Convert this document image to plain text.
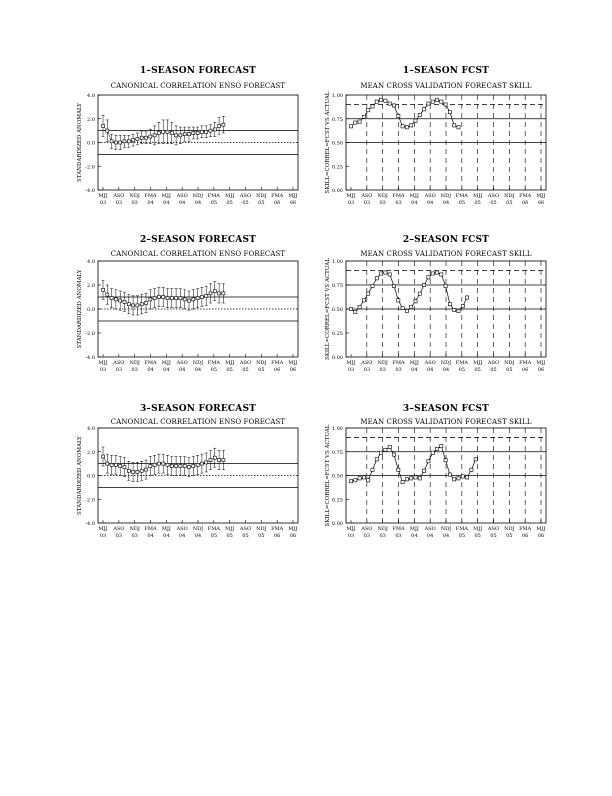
1–SEASON FORECAST
CANONICAL CORRELATION ENSO FORECAST
STANDARDIZED ANOMALY
4.0
2.0
0.0
-2.0
-4.0
MJJ
03
ASO
03
NDJ
03
FMA
04
MJJ
04
ASO
04
NDJ
04
FMA
05
MJJ
05
ASO
05
NDJ
05
FMA
06
MJJ
06
1–SEASON FCST
MEAN CROSS VALIDATION FORECAST SKILL
SKILL=CORREL=FCST VS ACTUAL 1.00
0.75
0.50
0.25
0.00
MJJ
03
ASO
03
NDJ
03
FMA
03
MJJ
04
ASO
04
NDJ
04
FMA
05
MJJ
05
ASO
05
NDJ
05
FMA
06
MJJ
06
2–SEASON FORECAST
CANONICAL CORRELATION ENSO FORECAST
STANDARDIZED ANOMALY
4.0
2.0
0.0
-2.0
-4.0
MJJ
03
ASO
03
NDJ
03
FMA
04
MJJ
04
ASO
04
NDJ
04
FMA
05
MJJ
05
ASO
05
NDJ
05
FMA
06
MJJ
06
2–SEASON FCST
MEAN CROSS VALIDATION FORECAST SKILL
SKILL=CORREL=FCST VS ACTUAL 1.00
0.75
0.50
0.25
0.00
MJJ
03
ASO
03
NDJ
03
FMA
03
MJJ
04
ASO
04
NDJ
04
FMA
05
MJJ
05
ASO
05
NDJ
05
FMA
06
MJJ
06
3–SEASON FORECAST
CANONICAL CORRELATION ENSO FORECAST
STANDARDIZED ANOMALY
4.0
2.0
0.0
-2.0
-4.0
MJJ
03
ASO
03
NDJ
03
FMA
04
MJJ
04
ASO
04
NDJ
04
FMA
05
MJJ
05
ASO
05
NDJ
05
FMA
06
MJJ
06
3–SEASON FCST
MEAN CROSS VALIDATION FORECAST SKILL
SKILL=CORREL=FCST VS ACTUAL 1.00
0.75
0.50
0.25
0.00
MJJ
03
ASO
03
NDJ
03
FMA
03
MJJ
04
ASO
04
NDJ
04
FMA
05
MJJ
05
ASO
05
NDJ
05
FMA
06
MJJ
06
